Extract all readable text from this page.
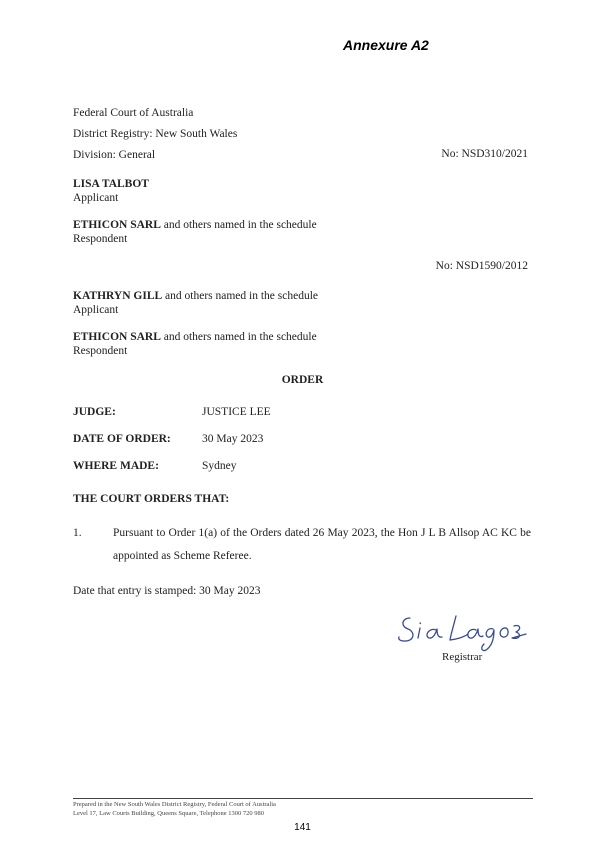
Annexure A2
Federal Court of Australia
District Registry: New South Wales
Division: General	No: NSD310/2021
LISA TALBOT
Applicant
ETHICON SARL and others named in the schedule
Respondent
No: NSD1590/2012
KATHRYN GILL and others named in the schedule
Applicant
ETHICON SARL and others named in the schedule
Respondent
ORDER
JUDGE:	JUSTICE LEE
DATE OF ORDER:	30 May 2023
WHERE MADE:	Sydney
THE COURT ORDERS THAT:
1.	Pursuant to Order 1(a) of the Orders dated 26 May 2023, the Hon J L B Allsop AC KC be appointed as Scheme Referee.
Date that entry is stamped: 30 May 2023
Registrar
Prepared in the New South Wales District Registry, Federal Court of Australia
Level 17, Law Courts Building, Queens Square, Telephone 1300 720 980
141
